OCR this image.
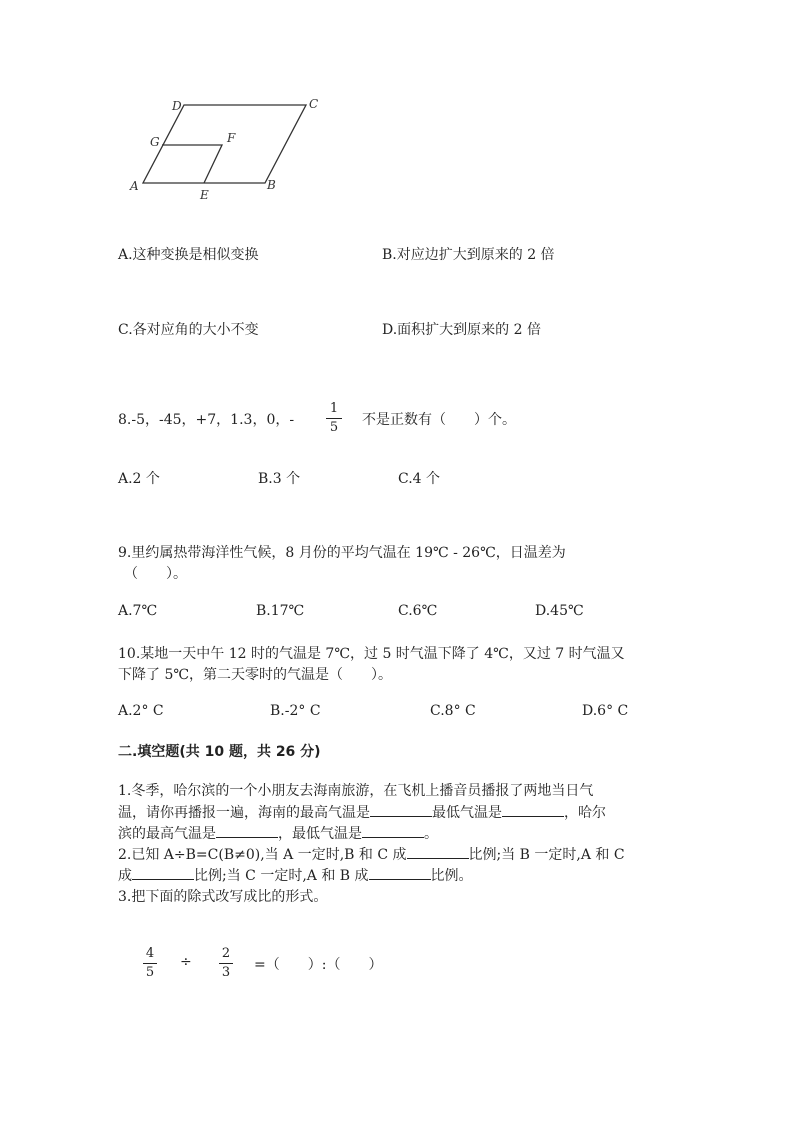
D	C
G	F
A
E
B
A.这种变换是相似变换	B.对应边扩大到原来的 2 倍
C.各对应角的大小不变	D.面积扩大到原来的 2 倍
8.-5，-45，+7，1.3，0，-
1
5 不是正数有（　　）个。
A.2 个	B.3 个	C.4 个
9.里约属热带海洋性气候，8 月份的平均气温在 19℃ - 26℃，日温差为
（　　）。
A.7℃	B.17℃	C.6℃	D.45℃
10.某地一天中午 12 时的气温是 7℃，过 5 时气温下降了 4℃，又过 7 时气温又
下降了 5℃，第二天零时的气温是（　　）。
A.2° C	B.-2° C	C.8° C	D.6° C
二.填空题(共 10 题，共 26 分)
1.冬季，哈尔滨的一个小朋友去海南旅游，在飞机上播音员播报了两地当日气
温，请你再播报一遍，海南的最高气温是	最低气温是	，哈尔
滨的最高气温是	，最低气温是	。
2.已知 A÷B=C(B≠0),当 A 一定时,B 和 C 成	比例;当 B 一定时,A 和 C
成	比例;当 C 一定时,A 和 B 成	比例。
3.把下面的除式改写成比的形式。
4
5
÷
2
3 =（　　）:（　　）
